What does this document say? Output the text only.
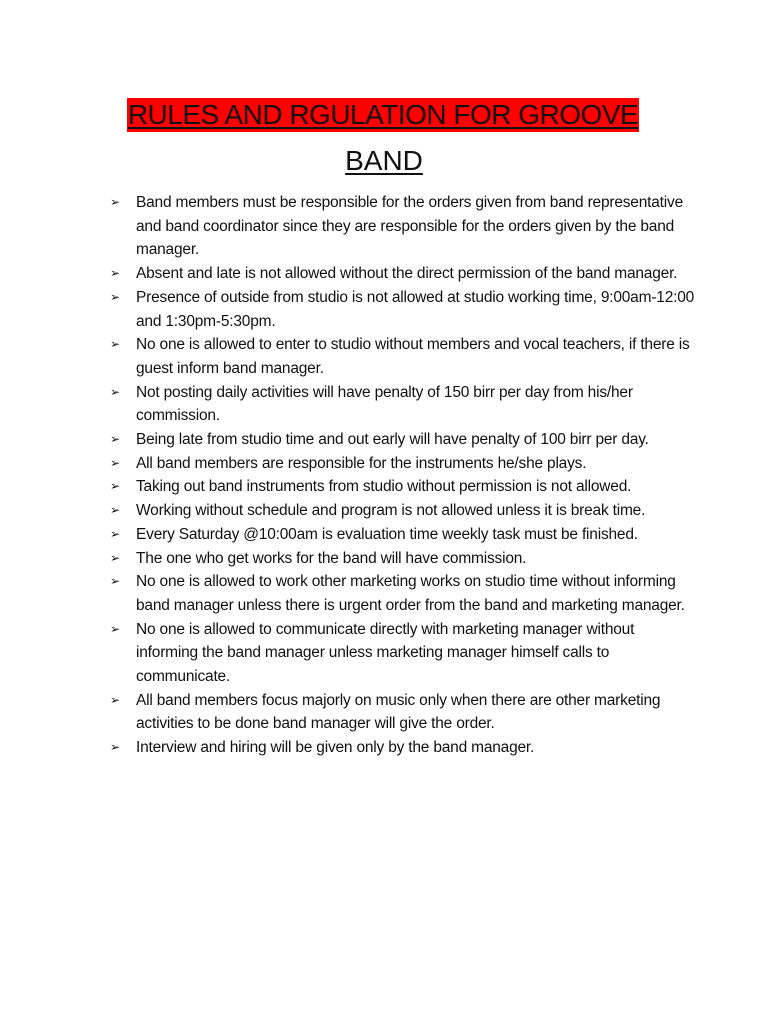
RULES AND RGULATION FOR GROOVE
BAND
➢ Band members must be responsible for the orders given from band representative and band coordinator since they are responsible for the orders given by the band manager.
➢ Absent and late is not allowed without the direct permission of the band manager.
➢ Presence of outside from studio is not allowed at studio working time, 9:00am-12:00 and 1:30pm-5:30pm.
➢ No one is allowed to enter to studio without members and vocal teachers, if there is guest inform band manager.
➢ Not posting daily activities will have penalty of 150 birr per day from his/her commission.
➢ Being late from studio time and out early will have penalty of 100 birr per day.
➢ All band members are responsible for the instruments he/she plays.
➢ Taking out band instruments from studio without permission is not allowed.
➢ Working without schedule and program is not allowed unless it is break time.
➢ Every Saturday @10:00am is evaluation time weekly task must be finished.
➢ The one who get works for the band will have commission.
➢ No one is allowed to work other marketing works on studio time without informing band manager unless there is urgent order from the band and marketing manager.
➢ No one is allowed to communicate directly with marketing manager without informing the band manager unless marketing manager himself calls to communicate.
➢ All band members focus majorly on music only when there are other marketing activities to be done band manager will give the order.
➢ Interview and hiring will be given only by the band manager.
